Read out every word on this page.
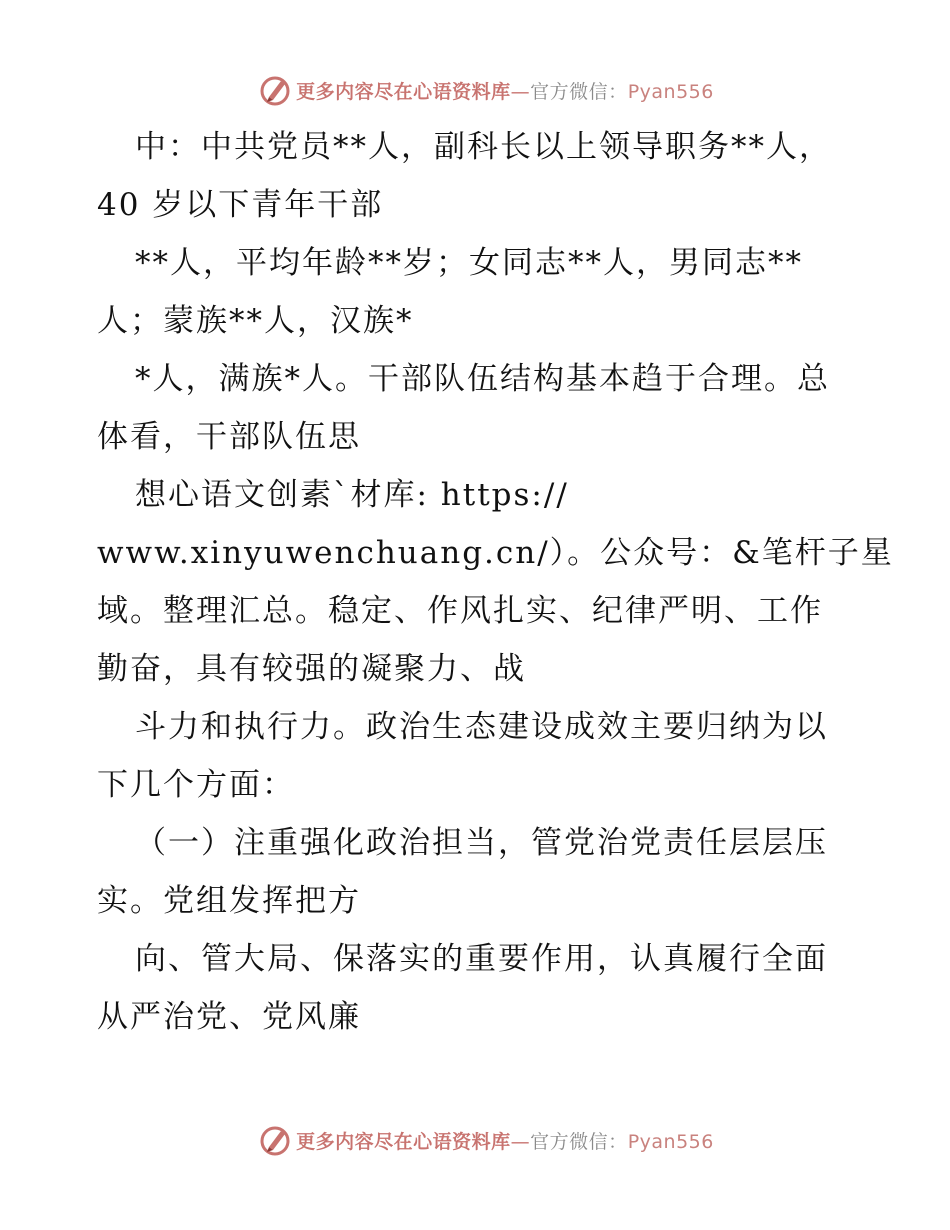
更多内容尽在心语资料库—官方微信：Pyan556
中：中共党员**人，副科长以上领导职务**人，
40 岁以下青年干部
**人，平均年龄**岁；女同志**人，男同志**
人；蒙族**人，汉族*
*人，满族*人。干部队伍结构基本趋于合理。总
体看，干部队伍思
想心语文创素`材库: https://
www.xinyuwenchuang.cn/）。公众号：&笔杆子星
域。整理汇总。稳定、作风扎实、纪律严明、工作
勤奋，具有较强的凝聚力、战
斗力和执行力。政治生态建设成效主要归纳为以
下几个方面：
（一）注重强化政治担当，管党治党责任层层压
实。党组发挥把方
向、管大局、保落实的重要作用，认真履行全面
从严治党、党风廉
更多内容尽在心语资料库—官方微信：Pyan556
